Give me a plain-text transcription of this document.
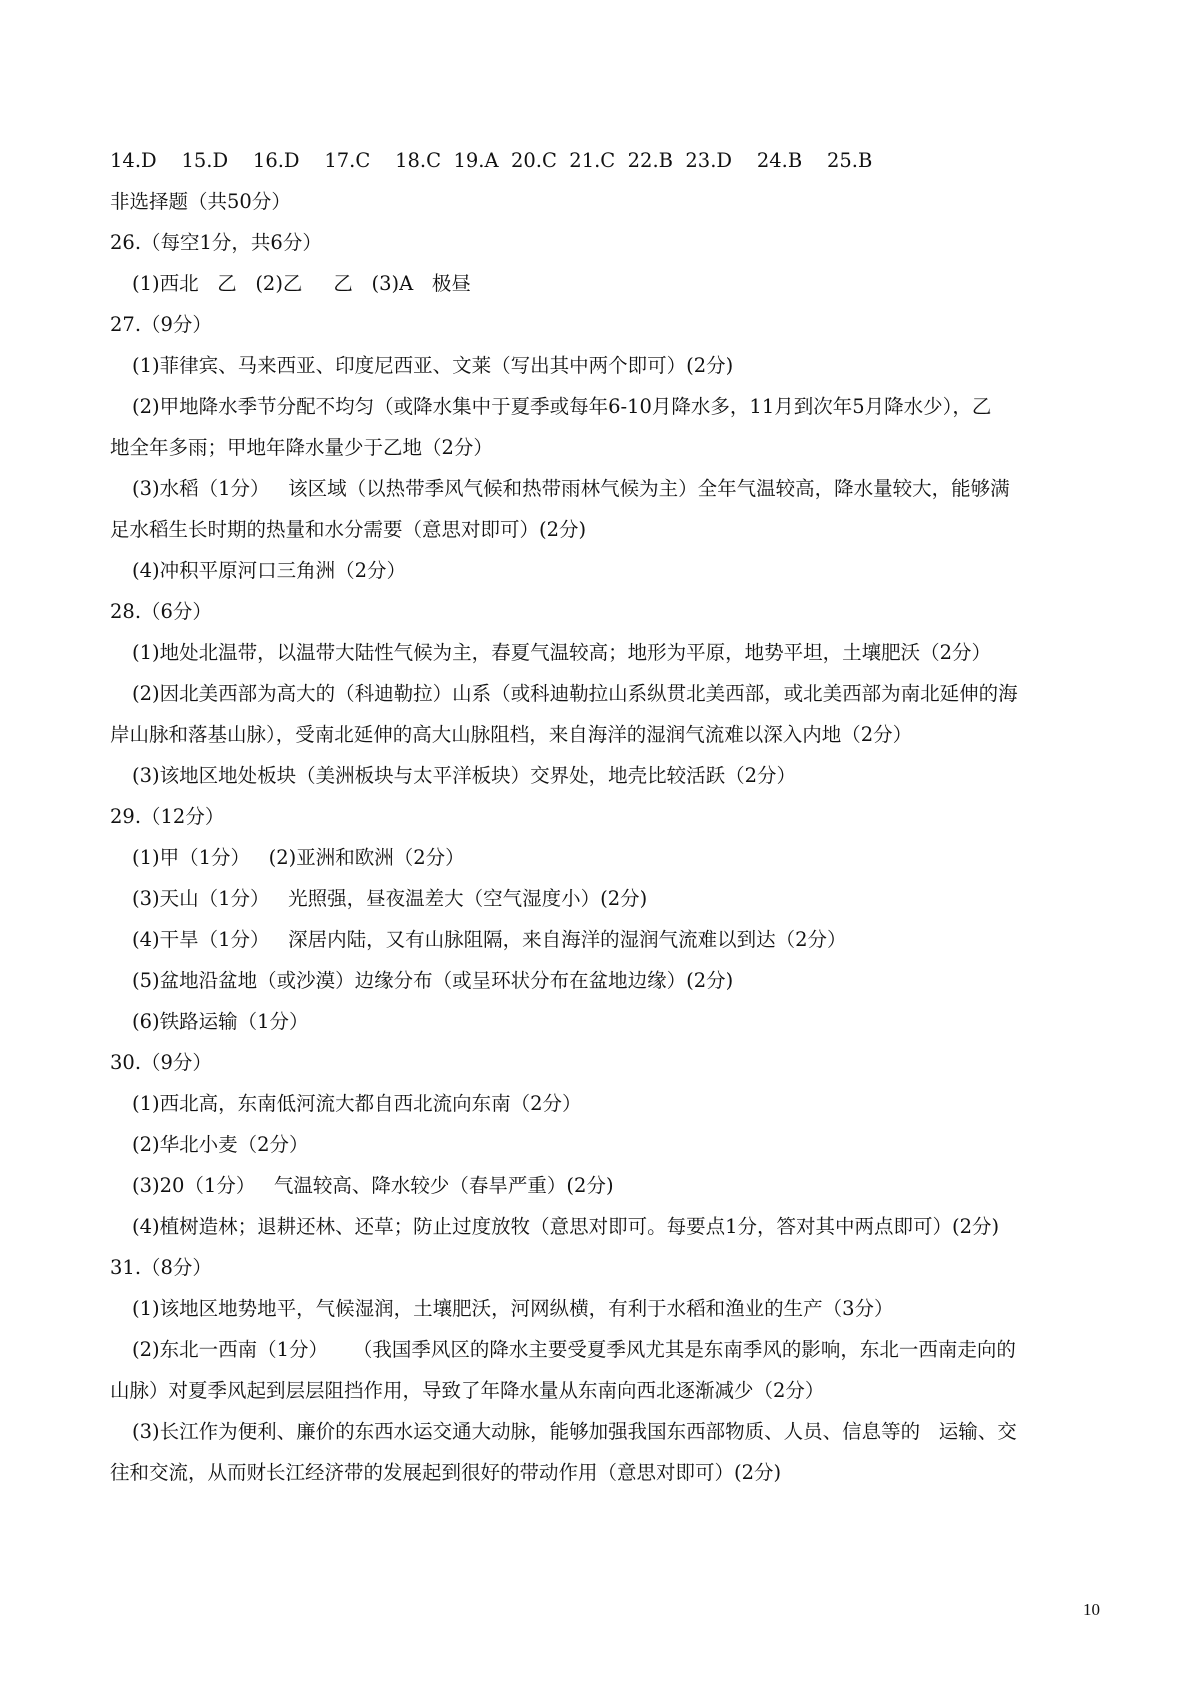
14.D 15.D 16.D 17.C 18.C 19.A 20.C 21.C 22.B 23.D 24.B 25.B
非选择题（共50分）
26.（每空1分，共6分）
(1)西北   乙   (2)乙     乙   (3)A   极昼
27.（9分）
(1)菲律宾、马来西亚、印度尼西亚、文莱（写出其中两个即可）(2分)
(2)甲地降水季节分配不均匀（或降水集中于夏季或每年6-10月降水多，11月到次年5月降水少），乙
地全年多雨；甲地年降水量少于乙地（2分）
(3)水稻（1分）   该区域（以热带季风气候和热带雨林气候为主）全年气温较高，降水量较大，能够满
足水稻生长时期的热量和水分需要（意思对即可）(2分)
(4)冲积平原河口三角洲（2分）
28.（6分）
(1)地处北温带，以温带大陆性气候为主，春夏气温较高；地形为平原，地势平坦，土壤肥沃（2分）
(2)因北美西部为高大的（科迪勒拉）山系（或科迪勒拉山系纵贯北美西部，或北美西部为南北延伸的海
岸山脉和落基山脉），受南北延伸的高大山脉阻档，来自海洋的湿润气流难以深入内地（2分）
(3)该地区地处板块（美洲板块与太平洋板块）交界处，地壳比较活跃（2分）
29.（12分）
(1)甲（1分）   (2)亚洲和欧洲（2分）
(3)天山（1分）   光照强，昼夜温差大（空气湿度小）(2分)
(4)干旱（1分）   深居内陆，又有山脉阻隔，来自海洋的湿润气流难以到达（2分）
(5)盆地沿盆地（或沙漠）边缘分布（或呈环状分布在盆地边缘）(2分)
(6)铁路运输（1分）
30.（9分）
(1)西北高，东南低河流大都自西北流向东南（2分）
(2)华北小麦（2分）
(3)20（1分）   气温较高、降水较少（春旱严重）(2分)
(4)植树造林；退耕还林、还草；防止过度放牧（意思对即可。每要点1分，答对其中两点即可）(2分)
31.（8分）
(1)该地区地势地平，气候湿润，土壤肥沃，河网纵横，有利于水稻和渔业的生产（3分）
(2)东北一西南（1分）    （我国季风区的降水主要受夏季风尤其是东南季风的影响，东北一西南走向的
山脉）对夏季风起到层层阻挡作用，导致了年降水量从东南向西北逐渐减少（2分）
(3)长江作为便利、廉价的东西水运交通大动脉，能够加强我国东西部物质、人员、信息等的   运输、交
往和交流，从而财长江经济带的发展起到很好的带动作用（意思对即可）(2分)
10
